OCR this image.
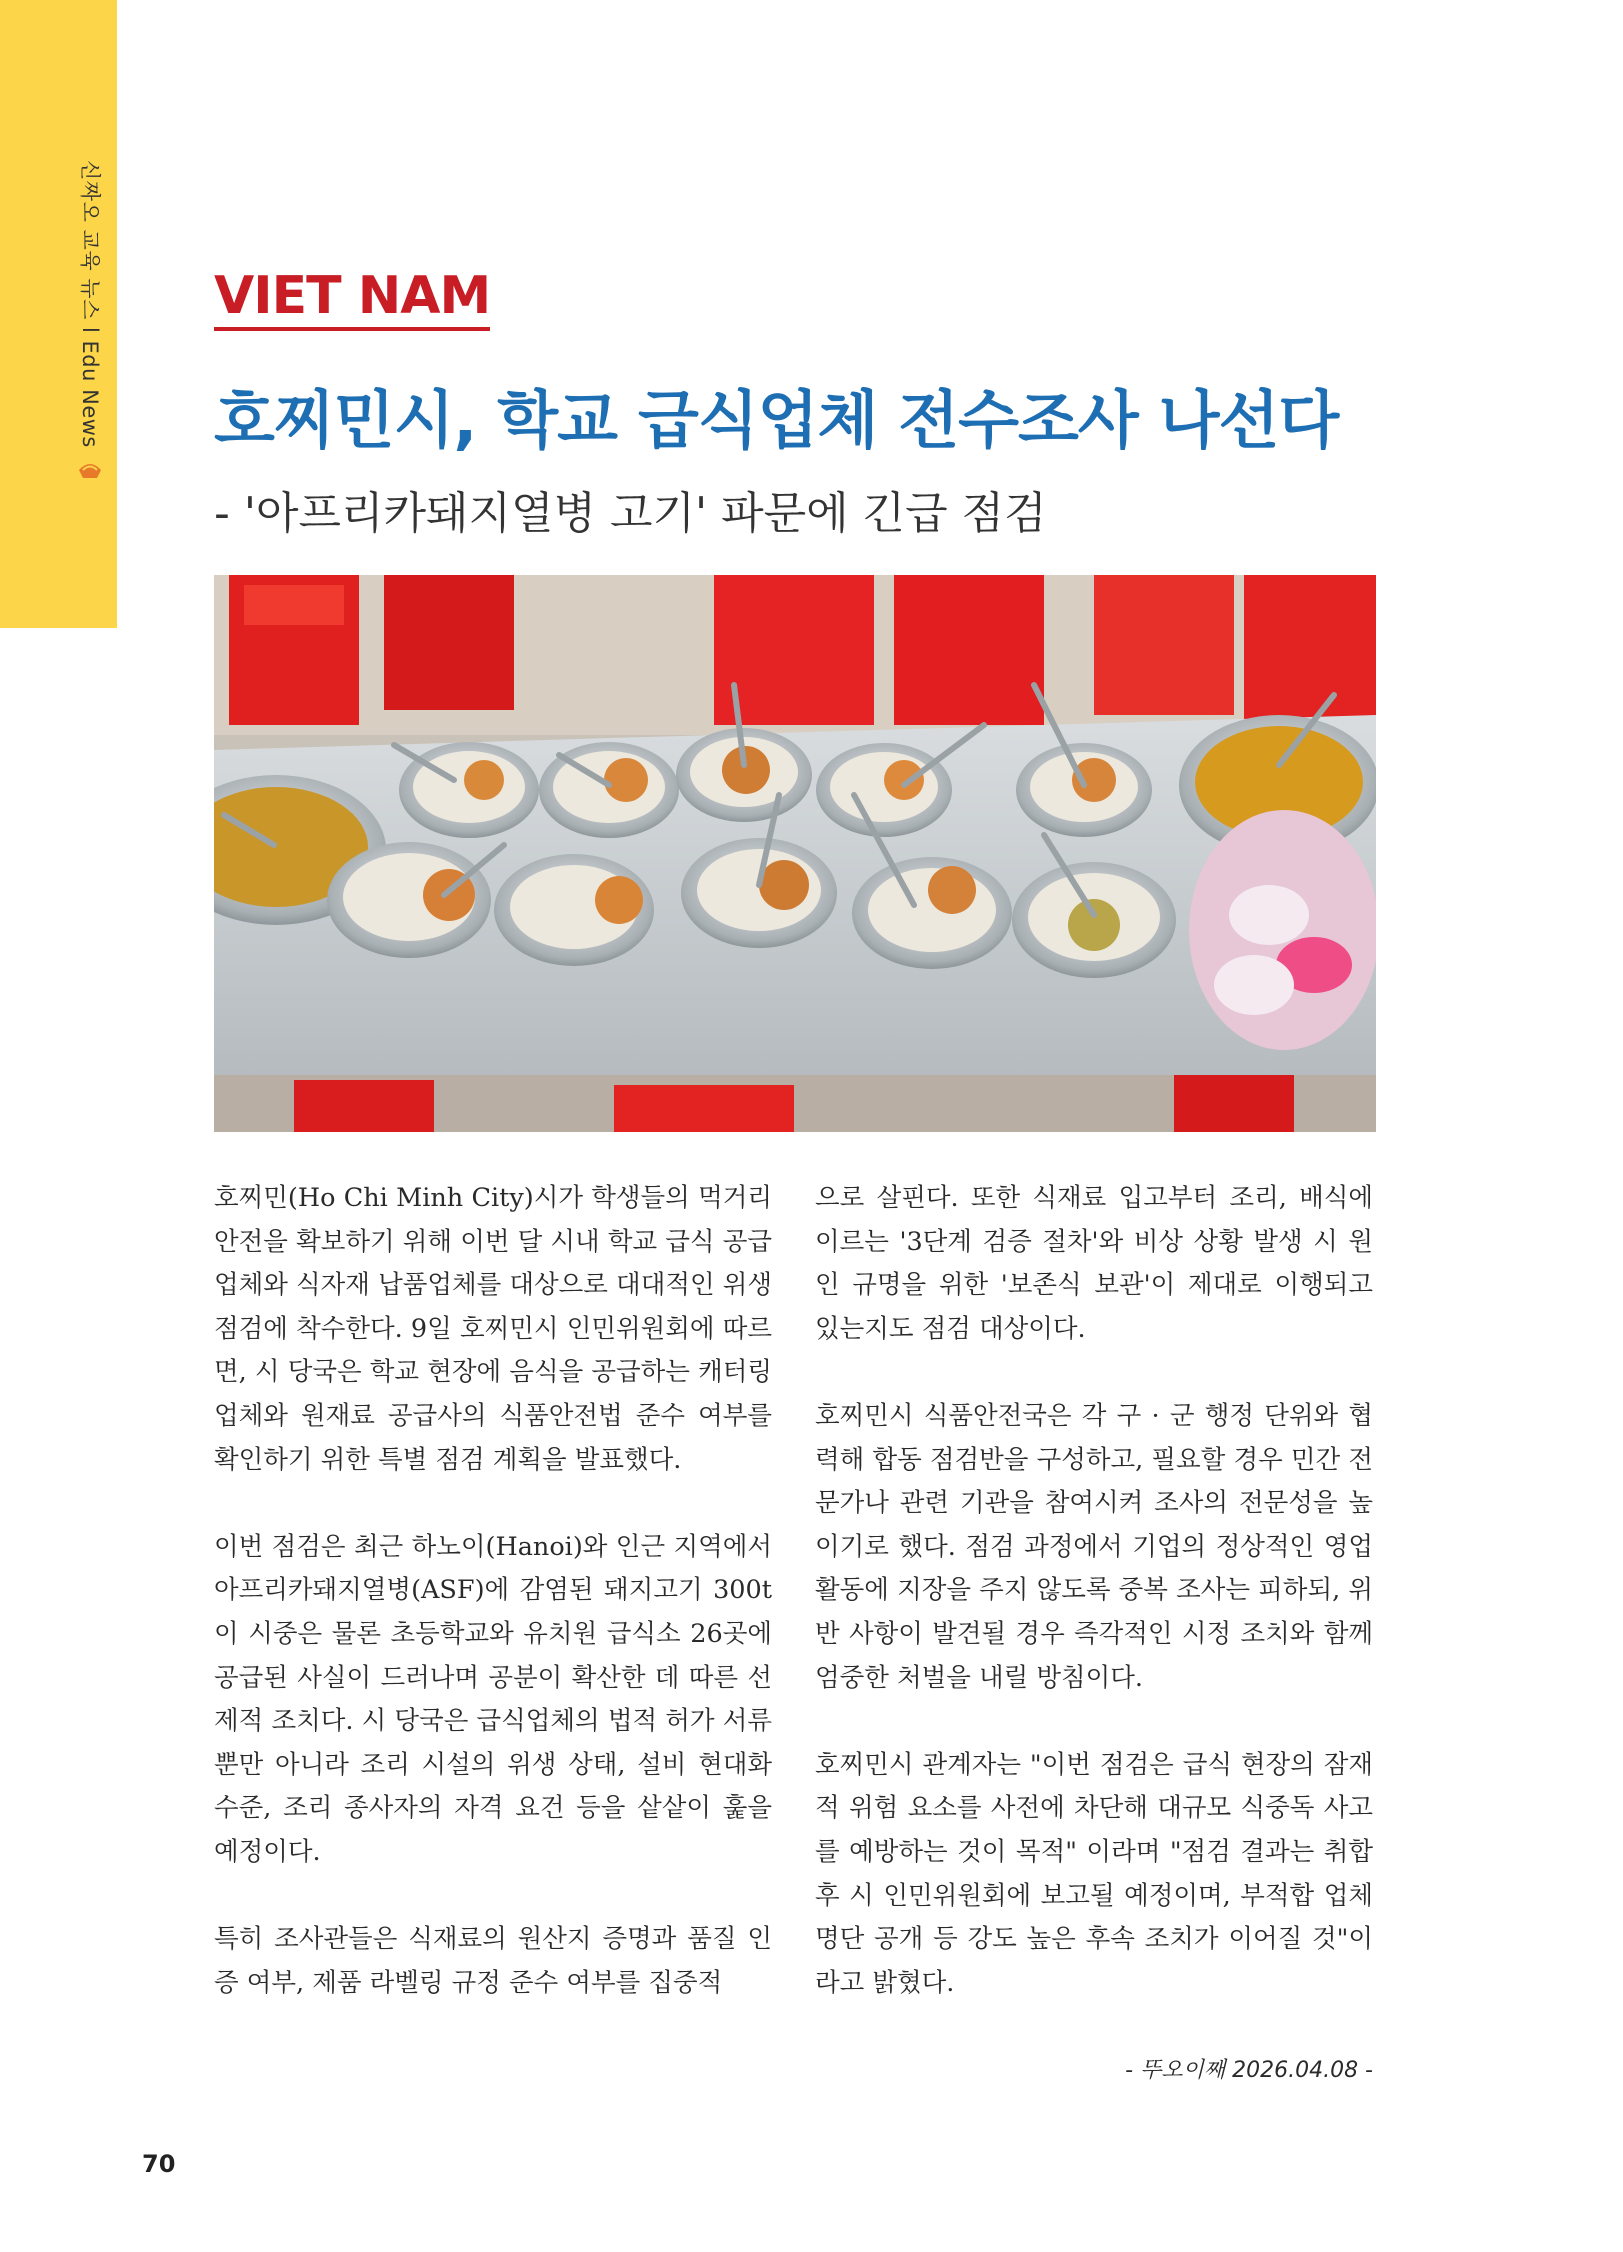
신짜오 교육 뉴스 l Edu News VIET NAM
호찌민시, 학교 급식업체 전수조사 나선다
- '아프리카돼지열병 고기' 파문에 긴급 점검

호찌민(Ho Chi Minh City)시가 학생들의 먹거리 안전을 확보하기 위해 이번 달 시내 학교 급식 공급업체와 식자재 납품업체를 대상으로 대대적인 위생 점검에 착수한다. 9일 호찌민시 인민위원회에 따르면, 시 당국은 학교 현장에 음식을 공급하는 캐터링 업체와 원재료 공급사의 식품안전법 준수 여부를 확인하기 위한 특별 점검 계획을 발표했다.

이번 점검은 최근 하노이(Hanoi)와 인근 지역에서 아프리카돼지열병(ASF)에 감염된 돼지고기 300t이 시중은 물론 초등학교와 유치원 급식소 26곳에 공급된 사실이 드러나며 공분이 확산한 데 따른 선제적 조치다. 시 당국은 급식업체의 법적 허가 서류뿐만 아니라 조리 시설의 위생 상태, 설비 현대화 수준, 조리 종사자의 자격 요건 등을 샅샅이 훑을 예정이다.

특히 조사관들은 식재료의 원산지 증명과 품질 인증 여부, 제품 라벨링 규정 준수 여부를 집중적

으로 살핀다. 또한 식재료 입고부터 조리, 배식에 이르는 '3단계 검증 절차'와 비상 상황 발생 시 원인 규명을 위한 '보존식 보관'이 제대로 이행되고 있는지도 점검 대상이다.

호찌민시 식품안전국은 각 구 · 군 행정 단위와 협력해 합동 점검반을 구성하고, 필요할 경우 민간 전문가나 관련 기관을 참여시켜 조사의 전문성을 높이기로 했다. 점검 과정에서 기업의 정상적인 영업 활동에 지장을 주지 않도록 중복 조사는 피하되, 위반 사항이 발견될 경우 즉각적인 시정 조치와 함께 엄중한 처벌을 내릴 방침이다.

호찌민시 관계자는 "이번 점검은 급식 현장의 잠재적 위험 요소를 사전에 차단해 대규모 식중독 사고를 예방하는 것이 목적" 이라며 "점검 결과는 취합 후 시 인민위원회에 보고될 예정이며, 부적합 업체 명단 공개 등 강도 높은 후속 조치가 이어질 것"이라고 밝혔다.

- 뚜오이째 2026.04.08 -
70
